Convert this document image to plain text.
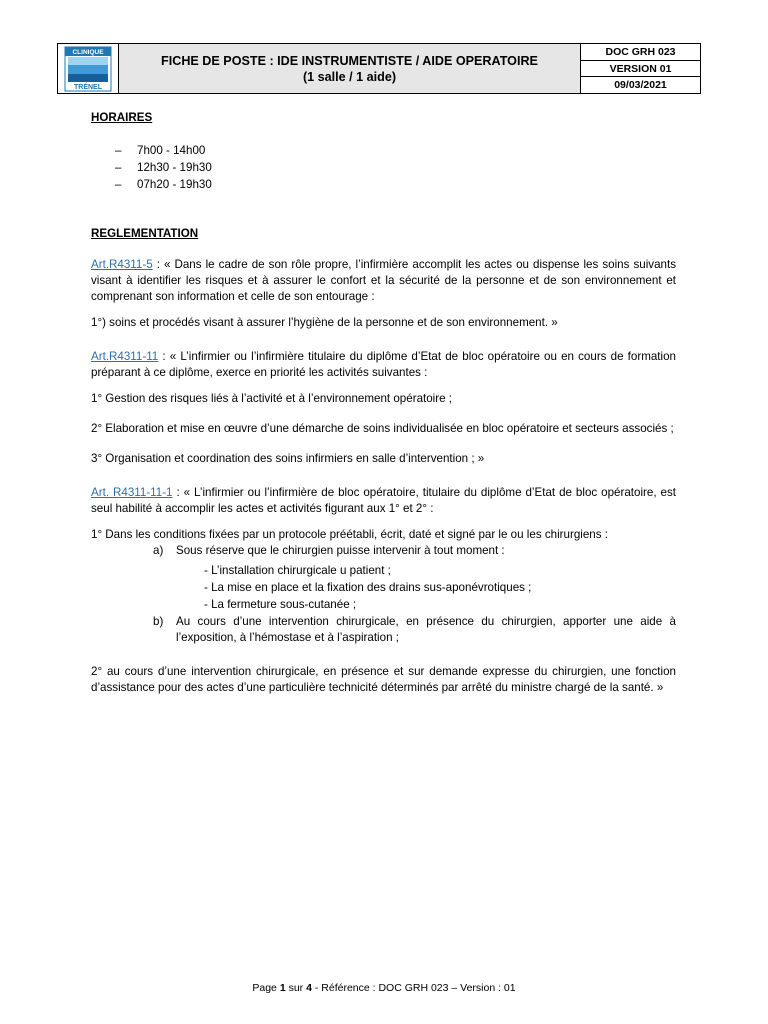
CLINIQUE
TRÉNEL
FICHE DE POSTE : IDE INSTRUMENTISTE / AIDE OPERATOIRE
(1 salle / 1 aide)
DOC GRH 023
VERSION 01
09/03/2021

HORAIRES

– 7h00 - 14h00
– 12h30 - 19h30
– 07h20 - 19h30

REGLEMENTATION

Art.R4311-5 : « Dans le cadre de son rôle propre, l’infirmière accomplit les actes ou dispense les soins suivants visant à identifier les risques et à assurer le confort et la sécurité de la personne et de son environnement et comprenant son information et celle de son entourage :

1°) soins et procédés visant à assurer l’hygiène de la personne et de son environnement. »

Art.R4311-11 : « L’infirmier ou l’infirmière titulaire du diplôme d’Etat de bloc opératoire ou en cours de formation préparant à ce diplôme, exerce en priorité les activités suivantes :

1° Gestion des risques liés à l’activité et à l’environnement opératoire ;

2° Elaboration et mise en œuvre d’une démarche de soins individualisée en bloc opératoire et secteurs associés ;

3° Organisation et coordination des soins infirmiers en salle d’intervention ; »

Art. R4311-11-1 : « L’infirmier ou l’infirmière de bloc opératoire, titulaire du diplôme d’Etat de bloc opératoire, est seul habilité à accomplir les actes et activités figurant aux 1° et 2° :

1° Dans les conditions fixées par un protocole préétabli, écrit, daté et signé par le ou les chirurgiens :

a) Sous réserve que le chirurgien puisse intervenir à tout moment :
- L’installation chirurgicale u patient ;
- La mise en place et la fixation des drains sus-aponévrotiques ;
- La fermeture sous-cutanée ;
b) Au cours d’une intervention chirurgicale, en présence du chirurgien, apporter une aide à l’exposition, à l’hémostase et à l’aspiration ;

2° au cours d’une intervention chirurgicale, en présence et sur demande expresse du chirurgien, une fonction d’assistance pour des actes d’une particulière technicité déterminés par arrêté du ministre chargé de la santé. »

Page 1 sur 4 - Référence : DOC GRH 023 – Version : 01
